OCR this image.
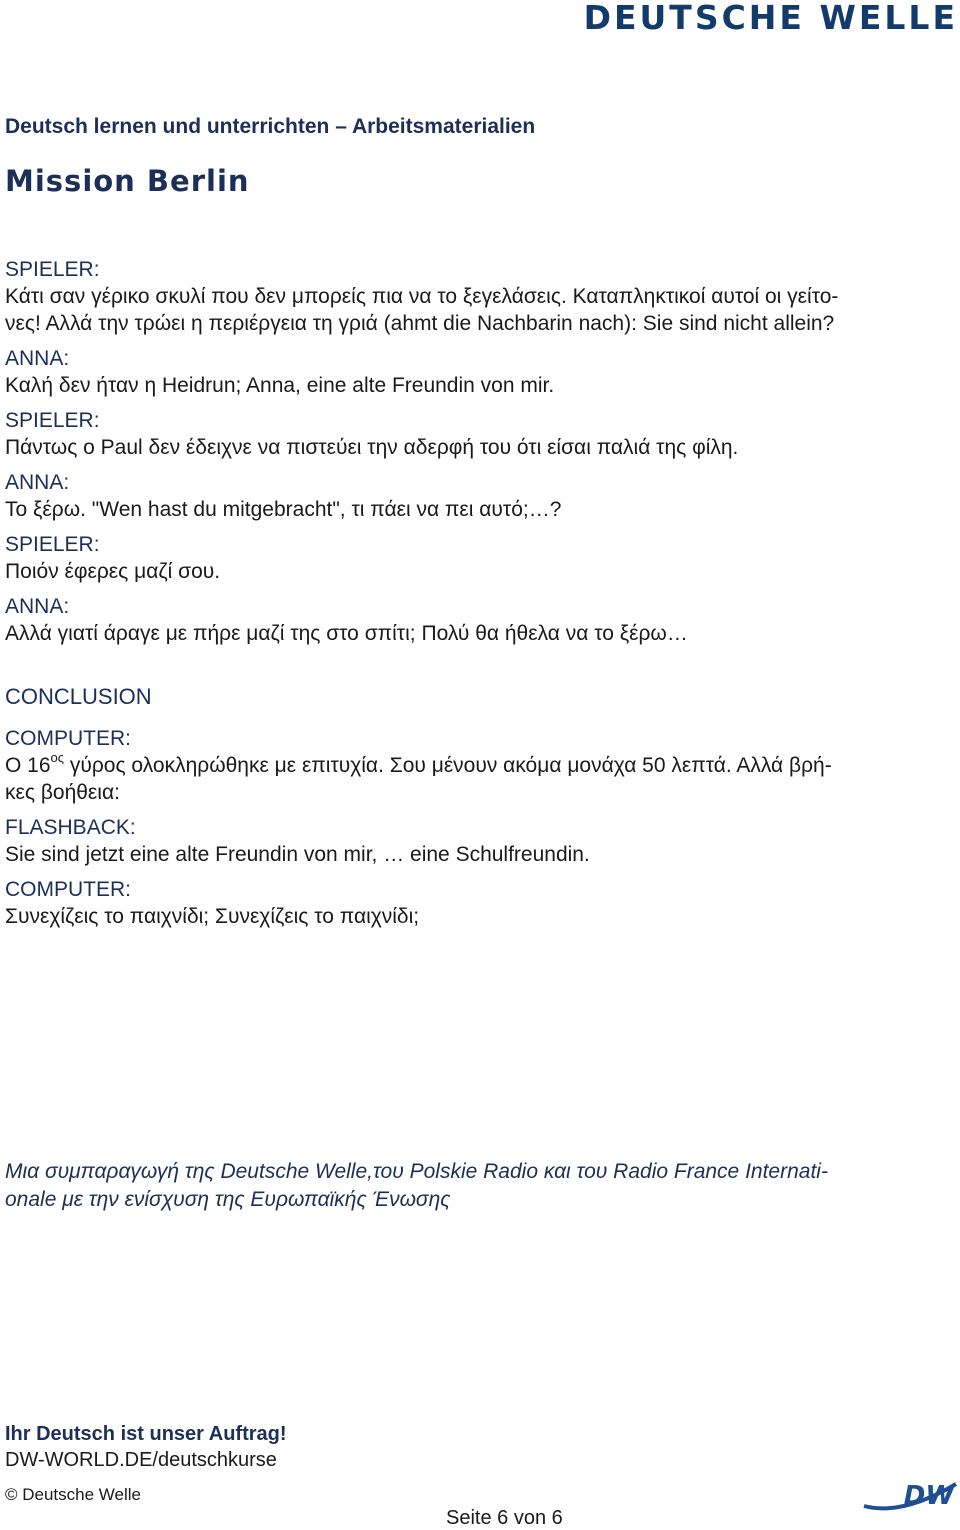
DEUTSCHE WELLE
Deutsch lernen und unterrichten – Arbeitsmaterialien
Mission Berlin
SPIELER:
Κάτι σαν γέρικο σκυλί που δεν μπορείς πια να το ξεγελάσεις. Καταπληκτικοί αυτοί οι γείτο-
νες! Αλλά την τρώει η περιέργεια τη γριά (ahmt die Nachbarin nach): Sie sind nicht allein?
ANNA:
Καλή δεν ήταν η Heidrun; Anna, eine alte Freundin von mir.
SPIELER:
Πάντως ο Paul δεν έδειχνε να πιστεύει την αδερφή του ότι είσαι παλιά της φίλη.
ANNA:
Το ξέρω. "Wen hast du mitgebracht", τι πάει να πει αυτό;…?
SPIELER:
Ποιόν έφερες μαζί σου.
ANNA:
Αλλά γιατί άραγε με πήρε μαζί της στο σπίτι; Πολύ θα ήθελα να το ξέρω…
CONCLUSION
COMPUTER:
Ο $16^{o\varsigma}$ γύρος ολοκληρώθηκε με επιτυχία. Σου μένουν ακόμα μονάχα 50 λεπτά. Αλλά βρή-
κες βοήθεια:
FLASHBACK:
Sie sind jetzt eine alte Freundin von mir, … eine Schulfreundin.
COMPUTER:
Συνεχίζεις το παιχνίδι; Συνεχίζεις το παιχνίδι;
Μια συμπαραγωγή της Deutsche Welle,του Polskie Radio και του Radio France Internati-
onale με την ενίσχυση της Ευρωπαϊκής Ένωσης
Ihr Deutsch ist unser Auftrag!
DW-WORLD.DE/deutschkurse
© Deutsche Welle
Seite 6 von 6
DW
